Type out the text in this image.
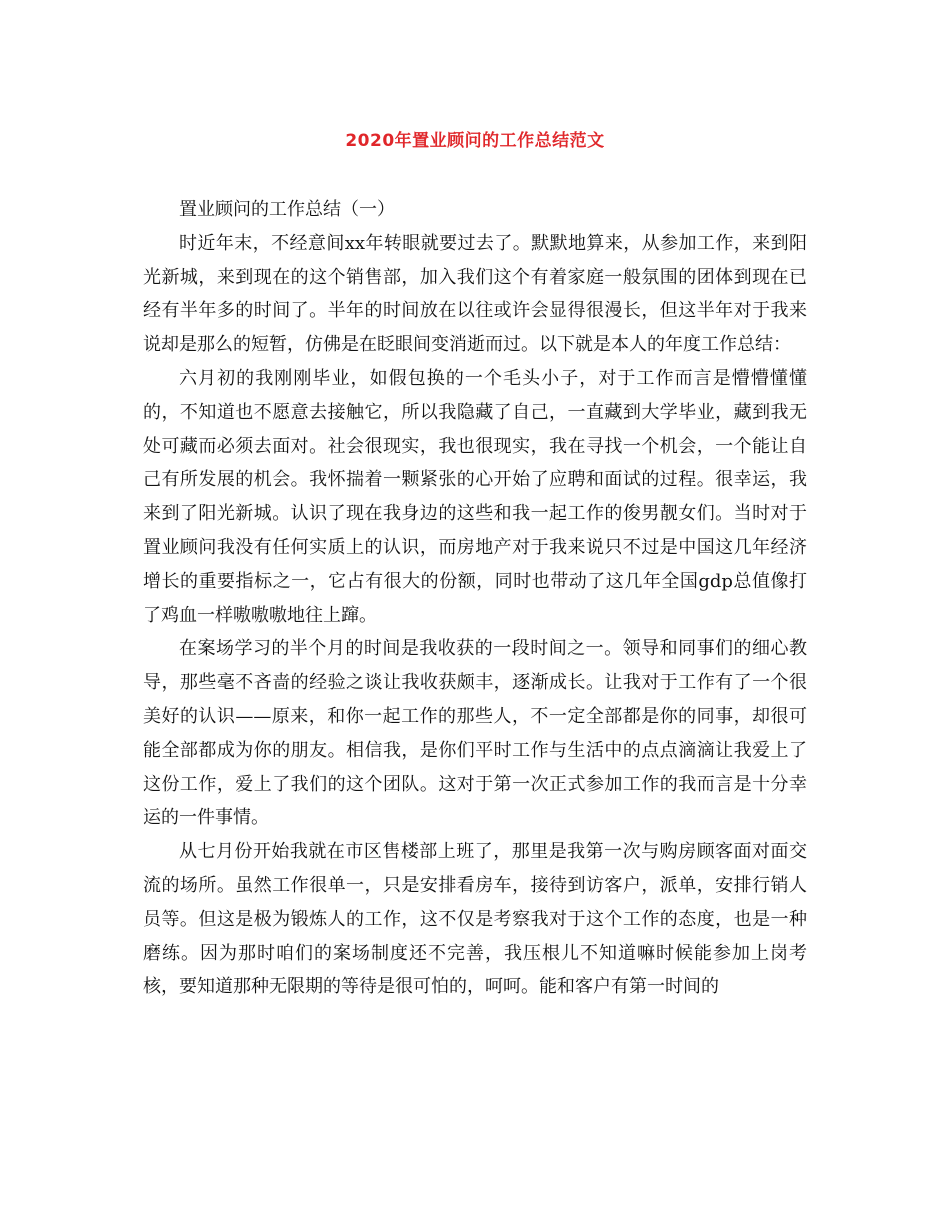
2020年置业顾问的工作总结范文

置业顾问的工作总结（一）

时近年末，不经意间xx年转眼就要过去了。默默地算来，从参加工作，来到阳光新城，来到现在的这个销售部，加入我们这个有着家庭一般氛围的团体到现在已经有半年多的时间了。半年的时间放在以往或许会显得很漫长，但这半年对于我来说却是那么的短暂，仿佛是在眨眼间变消逝而过。以下就是本人的年度工作总结：

六月初的我刚刚毕业，如假包换的一个毛头小子，对于工作而言是懵懵懂懂的，不知道也不愿意去接触它，所以我隐藏了自己，一直藏到大学毕业，藏到我无处可藏而必须去面对。社会很现实，我也很现实，我在寻找一个机会，一个能让自己有所发展的机会。我怀揣着一颗紧张的心开始了应聘和面试的过程。很幸运，我来到了阳光新城。认识了现在我身边的这些和我一起工作的俊男靓女们。当时对于置业顾问我没有任何实质上的认识，而房地产对于我来说只不过是中国这几年经济增长的重要指标之一，它占有很大的份额，同时也带动了这几年全国gdp总值像打了鸡血一样嗷嗷嗷地往上蹿。

在案场学习的半个月的时间是我收获的一段时间之一。领导和同事们的细心教导，那些毫不吝啬的经验之谈让我收获颇丰，逐渐成长。让我对于工作有了一个很美好的认识——原来，和你一起工作的那些人，不一定全部都是你的同事，却很可能全部都成为你的朋友。相信我，是你们平时工作与生活中的点点滴滴让我爱上了这份工作，爱上了我们的这个团队。这对于第一次正式参加工作的我而言是十分幸运的一件事情。

从七月份开始我就在市区售楼部上班了，那里是我第一次与购房顾客面对面交流的场所。虽然工作很单一，只是安排看房车，接待到访客户，派单，安排行销人员等。但这是极为锻炼人的工作，这不仅是考察我对于这个工作的态度，也是一种磨练。因为那时咱们的案场制度还不完善，我压根儿不知道嘛时候能参加上岗考核，要知道那种无限期的等待是很可怕的，呵呵。能和客户有第一时间的
